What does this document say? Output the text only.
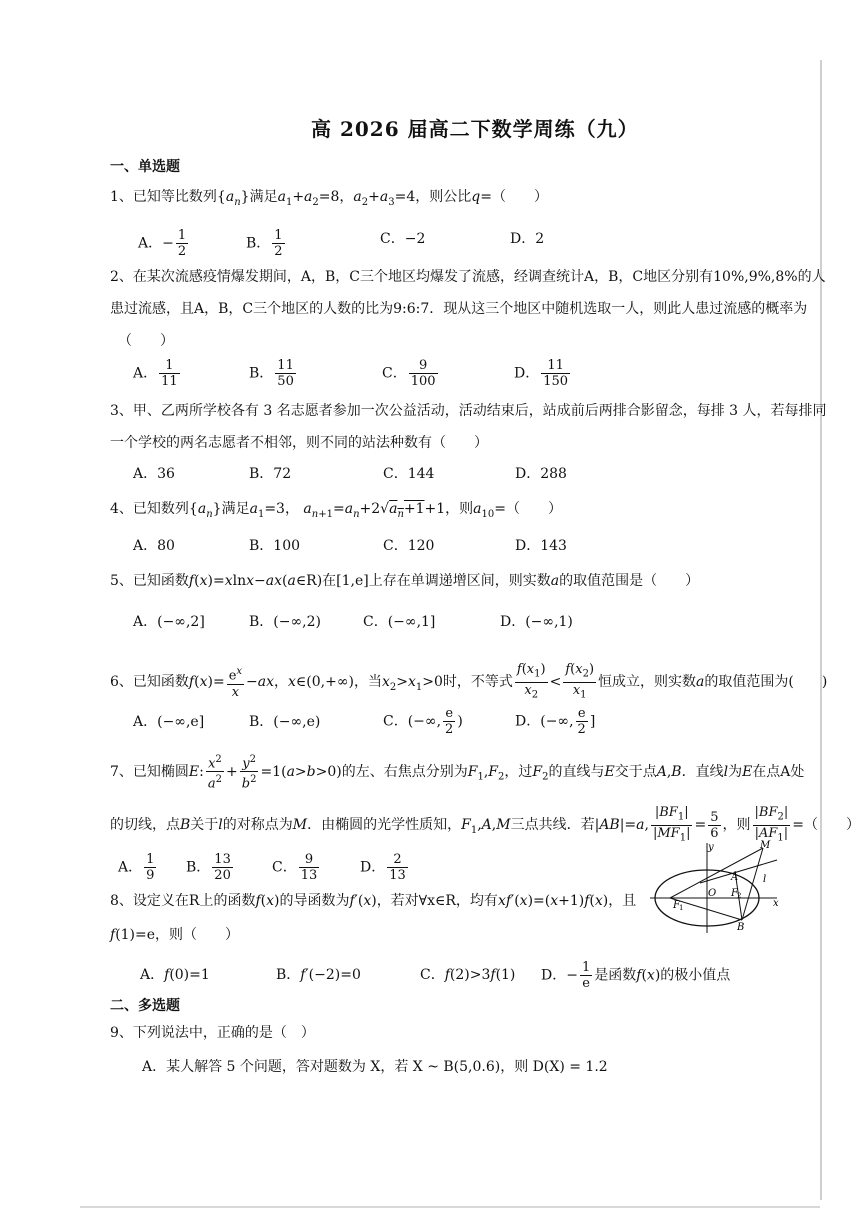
高 2026 届高二下数学周练（九）
一、单选题
1、已知等比数列$\{a_n\}$满足$a_1+a_2=8$，$a_2+a_3=4$，则公比q=（　　）
A．− $\frac{1}{2}$	B． $\frac{1}{2}$	C．−2	D．2
2、在某次流感疫情爆发期间，A，B，C三个地区均爆发了流感，经调查统计A，B，C地区分别有10%,9%,8%的人
患过流感，且A，B，C三个地区的人数的比为9:6:7．现从这三个地区中随机选取一人，则此人患过流感的概率为
（　　）
A． $\frac{1}{11}$	B． $\frac{11}{50}$	C． $\frac{9}{100}$	D． $\frac{11}{150}$
3、甲、乙两所学校各有 3 名志愿者参加一次公益活动，活动结束后，站成前后两排合影留念，每排 3 人，若每排同
一个学校的两名志愿者不相邻，则不同的站法种数有（　　）
A．36	B．72	C．144	D．288
4、已知数列$\{a_n\}$满足$a_1=3$， $a_{n+1}=a_n+2√a_n+1+1$，则$a_{10}=$（　　）
A．80	B．100	C．120	D．143
5、已知函数f(x)=xlnx−ax(a∈R)在[1,e]上存在单调递增区间，则实数a的取值范围是（　　）
A．(−∞,2]	B．(−∞,2)	C．(−∞,1]	D．(−∞,1)
6、已知函数$f(x)= \frac{e^x}{x} -ax$，x∈(0,+∞)，当$x_2>x_1>0$时，不等式 $\frac{f(x_1)}{x_2} < \frac{f(x_2)}{x_1}$ 恒成立，则实数a的取值范围为(　　)
A．(−∞,e]	B．(−∞,e)	C．(−∞, $\frac{e}{2}$ )	D．(−∞, $\frac{e}{2}$ ]
7、已知椭圆E: $\frac{x^2}{a^2} + \frac{y^2}{b^2} =1(a>b>0)$的左、右焦点分别为$F_1,F_2$，过$F_2$的直线与E交于点A,B．直线l为E在点A处
的切线，点B关于l的对称点为M．由椭圆的光学性质知，$F_1,A,M$三点共线．若|AB|=a, $\frac{|BF_1|}{|MF_1|} = \frac{5}{6}$ ，则 $\frac{|BF_2|}{|AF_1|}$ =（　　）
A． $\frac{1}{9}$ B． $\frac{13}{20}$	C． $\frac{9}{13}$	D． $\frac{2}{13}$
y
x
M
A
O
F 1
F 2
B
l
8、设定义在R上的函数f(x)的导函数为f′(x)，若对∀x∈R，均有xf′(x)=(x+1)f(x)，且
f(1)=e，则（　　）
A．f(0)=1	B．f′(−2)=0	C．f(2)>3f(1) D．− $\frac{1}{e}$ 是函数f(x)的极小值点
二、多选题
9、下列说法中，正确的是（　）
A．某人解答 5 个问题，答对题数为 X，若 X ~ B(5,0.6)，则 D(X) = 1.2
